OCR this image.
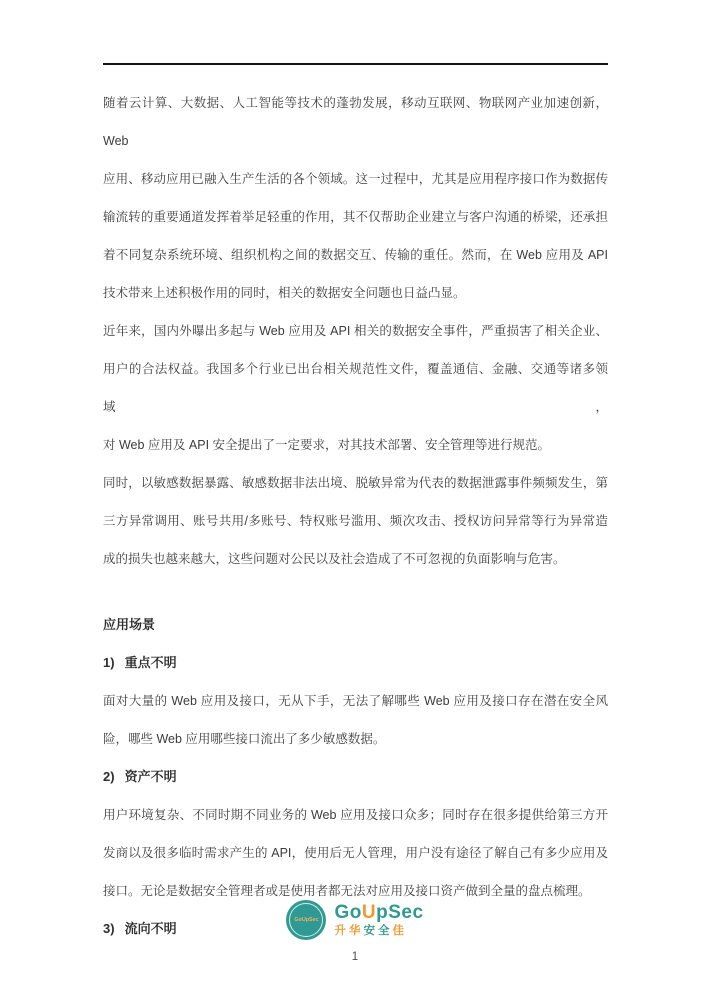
随着云计算、大数据、人工智能等技术的蓬勃发展，移动互联网、物联网产业加速创新，Web
应用、移动应用已融入生产生活的各个领域。这一过程中，尤其是应用程序接口作为数据传
输流转的重要通道发挥着举足轻重的作用，其不仅帮助企业建立与客户沟通的桥梁，还承担
着不同复杂系统环境、组织机构之间的数据交互、传输的重任。然而，在 Web 应用及 API
技术带来上述积极作用的同时，相关的数据安全问题也日益凸显。
近年来，国内外曝出多起与 Web 应用及 API 相关的数据安全事件，严重损害了相关企业、
用户的合法权益。我国多个行业已出台相关规范性文件，覆盖通信、金融、交通等诸多领域，
对 Web 应用及 API 安全提出了一定要求，对其技术部署、安全管理等进行规范。
同时，以敏感数据暴露、敏感数据非法出境、脱敏异常为代表的数据泄露事件频频发生，第
三方异常调用、账号共用/多账号、特权账号滥用、频次攻击、授权访问异常等行为异常造
成的损失也越来越大，这些问题对公民以及社会造成了不可忽视的负面影响与危害。
应用场景
1) 重点不明
面对大量的 Web 应用及接口，无从下手，无法了解哪些 Web 应用及接口存在潜在安全风
险，哪些 Web 应用哪些接口流出了多少敏感数据。
2) 资产不明
用户环境复杂、不同时期不同业务的 Web 应用及接口众多；同时存在很多提供给第三方开
发商以及很多临时需求产生的 API，使用后无人管理，用户没有途径了解自己有多少应用及
接口。无论是数据安全管理者或是使用者都无法对应用及接口资产做到全量的盘点梳理。
3) 流向不明
GoUpSec GoUpSec
升华安全佳
1
